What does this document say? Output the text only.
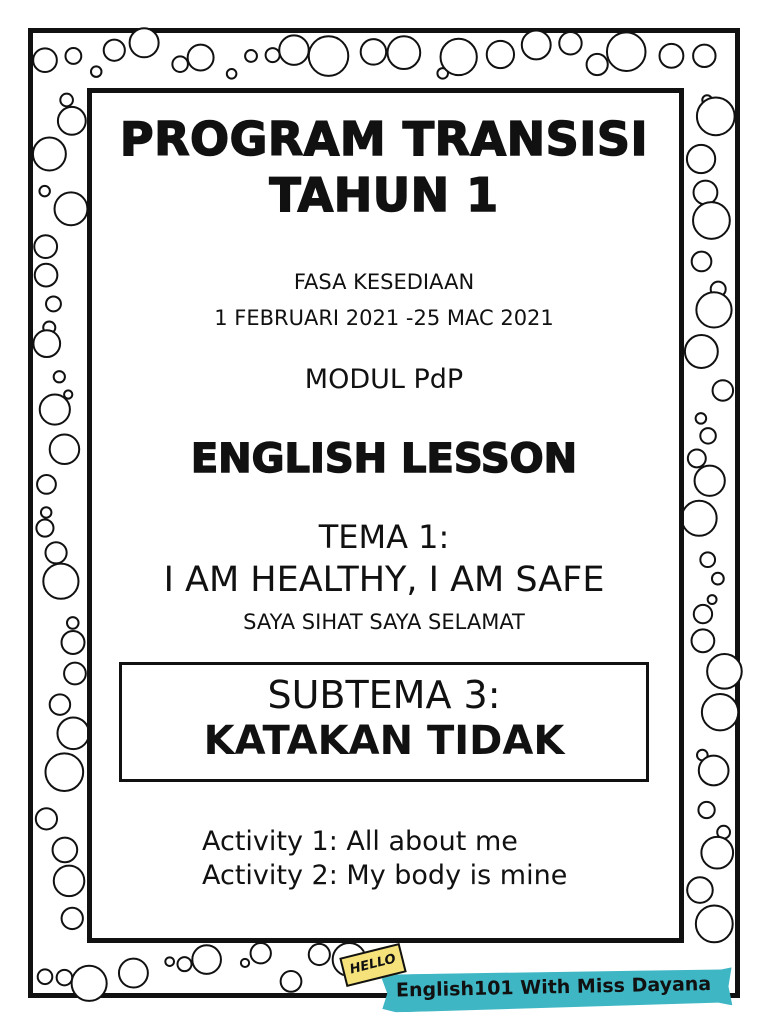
PROGRAM TRANSISI
TAHUN 1
FASA KESEDIAAN
1 FEBRUARI 2021 -25 MAC 2021
MODUL PdP
ENGLISH LESSON
TEMA 1:
I AM HEALTHY, I AM SAFE
SAYA SIHAT SAYA SELAMAT
SUBTEMA 3:
KATAKAN TIDAK
Activity 1: All about me
Activity 2: My body is mine
English101 With Miss Dayana
HELLO
